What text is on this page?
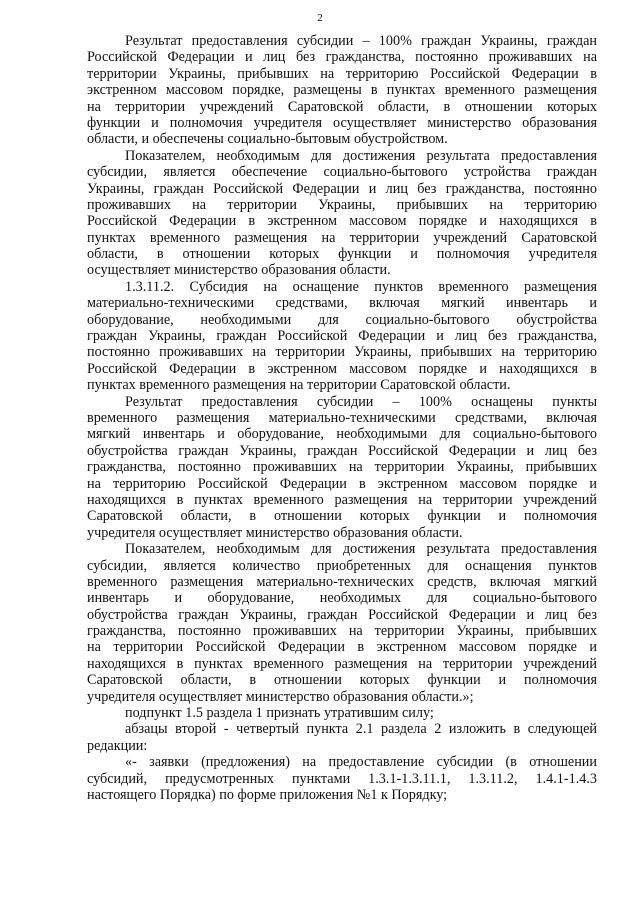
2
Результат предоставления субсидии – 100% граждан Украины, граждан
Российской Федерации и лиц без гражданства, постоянно проживавших на
территории Украины, прибывших на территорию Российской Федерации в
экстренном массовом порядке, размещены в пунктах временного размещения
на территории учреждений Саратовской области, в отношении которых
функции и полномочия учредителя осуществляет министерство образования
области, и обеспечены социально-бытовым обустройством.
Показателем, необходимым для достижения результата предоставления
субсидии, является обеспечение социально-бытового устройства граждан
Украины, граждан Российской Федерации и лиц без гражданства, постоянно
проживавших на территории Украины, прибывших на территорию
Российской Федерации в экстренном массовом порядке и находящихся в
пунктах временного размещения на территории учреждений Саратовской
области, в отношении которых функции и полномочия учредителя
осуществляет министерство образования области.
1.3.11.2. Субсидия на оснащение пунктов временного размещения
материально-техническими средствами, включая мягкий инвентарь и
оборудование, необходимыми для социально-бытового обустройства
граждан Украины, граждан Российской Федерации и лиц без гражданства,
постоянно проживавших на территории Украины, прибывших на территорию
Российской Федерации в экстренном массовом порядке и находящихся в
пунктах временного размещения на территории Саратовской области.
Результат предоставления субсидии – 100% оснащены пункты
временного размещения материально-техническими средствами, включая
мягкий инвентарь и оборудование, необходимыми для социально-бытового
обустройства граждан Украины, граждан Российской Федерации и лиц без
гражданства, постоянно проживавших на территории Украины, прибывших
на территорию Российской Федерации в экстренном массовом порядке и
находящихся в пунктах временного размещения на территории учреждений
Саратовской области, в отношении которых функции и полномочия
учредителя осуществляет министерство образования области.
Показателем, необходимым для достижения результата предоставления
субсидии, является количество приобретенных для оснащения пунктов
временного размещения материально-технических средств, включая мягкий
инвентарь и оборудование, необходимых для социально-бытового
обустройства граждан Украины, граждан Российской Федерации и лиц без
гражданства, постоянно проживавших на территории Украины, прибывших
на территории Российской Федерации в экстренном массовом порядке и
находящихся в пунктах временного размещения на территории учреждений
Саратовской области, в отношении которых функции и полномочия
учредителя осуществляет министерство образования области.»;
подпункт 1.5 раздела 1 признать утратившим силу;
абзацы второй - четвертый пункта 2.1 раздела 2 изложить в следующей
редакции:
«- заявки (предложения) на предоставление субсидии (в отношении
субсидий, предусмотренных пунктами 1.3.1-1.3.11.1, 1.3.11.2, 1.4.1-1.4.3
настоящего Порядка) по форме приложения №1 к Порядку;
